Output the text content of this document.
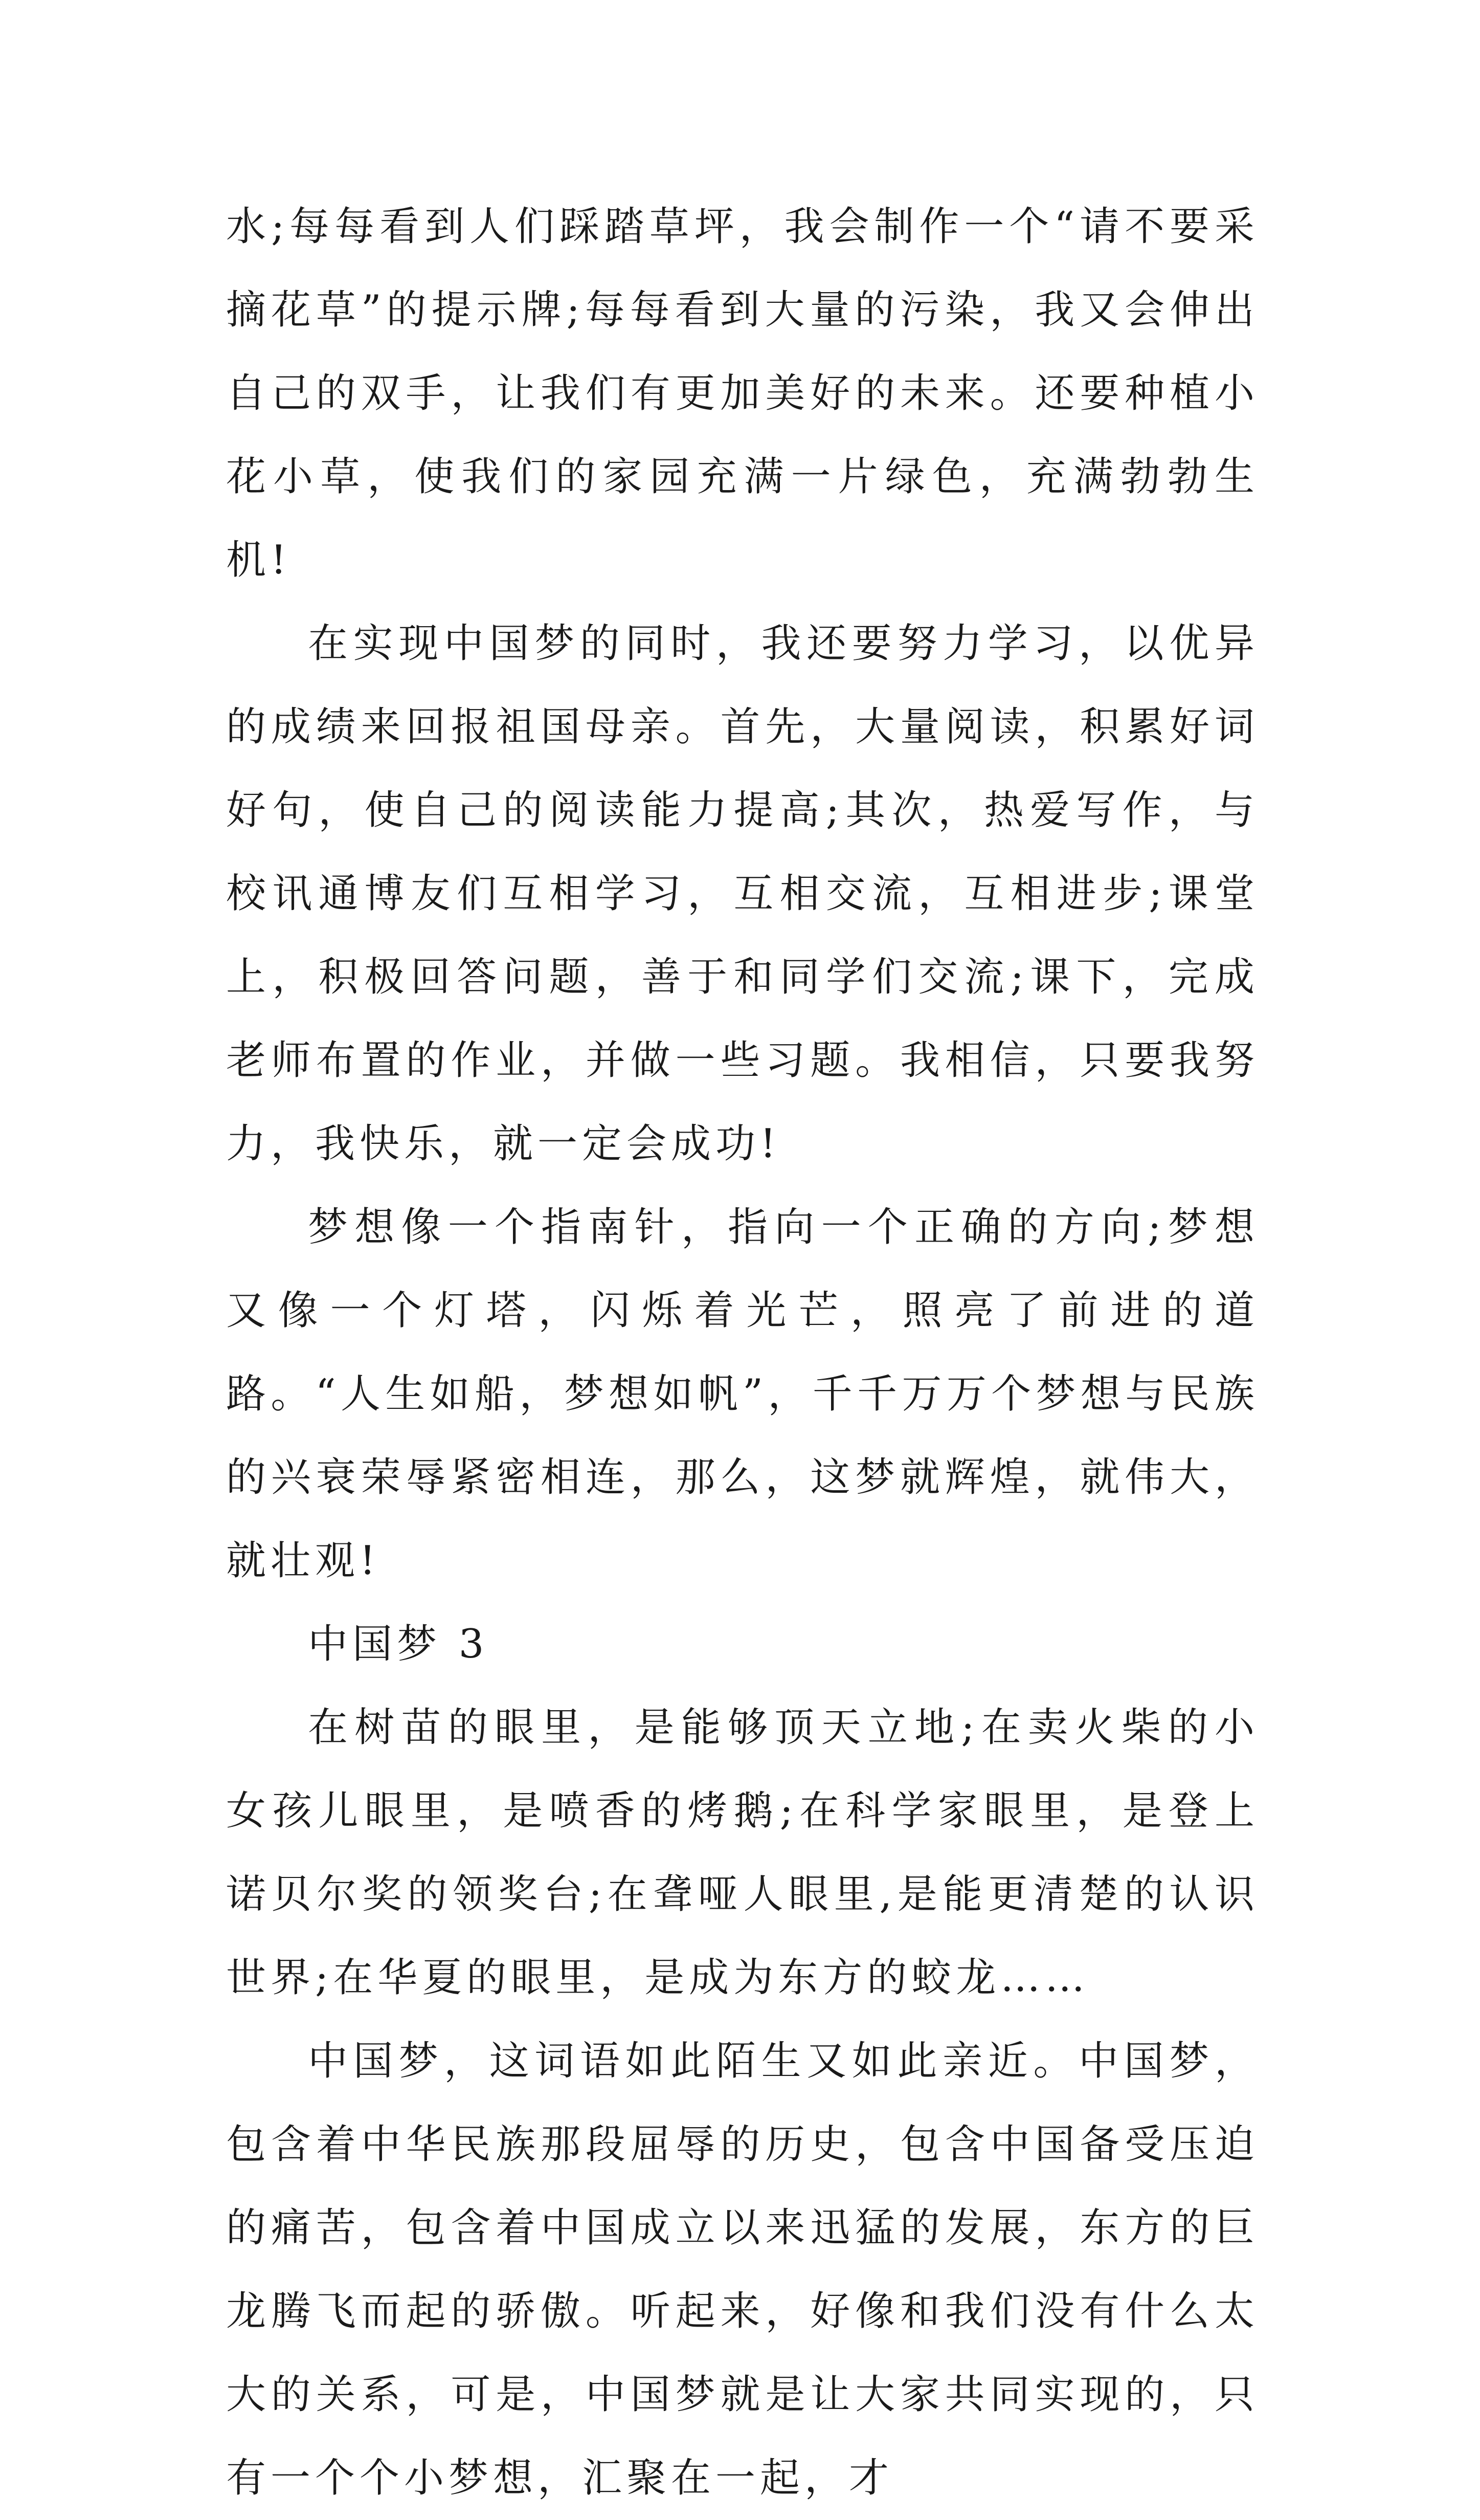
水;每每看到人们踩踏草坪，我会制作一个“请不要采摘花草”的提示牌;每每看到大量的污染，我又会伸出自己的双手，让我们有更加美好的未来。还要种植小花小草，使我们的家园充满一片绿色，充满勃勃生机!

在实现中国梦的同时，我还要努力学习，以优异的成绩来回报祖国母亲。首先，大量阅读，积累好词好句，使自己的阅读能力提高;其次，热爱写作，与校讯通博友们互相学习，互相交流，互相进步;课堂上，积极回答问题，善于和同学们交流;课下，完成老师布置的作业，并做一些习题。我相信，只要我努力，我快乐，就一定会成功!

梦想像一个指南针，指向一个正确的方向;梦想又像一个灯塔，闪烁着光芒，照亮了前进的道路。“人生如船，梦想如帆”，千千万万个梦想与民族的兴衰荣辱紧密相连，那么，这梦就辉煌，就伟大，就壮观!

中国梦 3

在树苗的眼里，是能够顶天立地;在卖火柴的小女孩儿眼里，是喷香的烤鹅;在科学家眼里，是登上诺贝尔奖的领奖台;在聋哑人眼里,是能更清楚的认识世界;在华夏的眼里，是成为东方的蛟龙……

中国梦，这词语如此陌生又如此亲近。中国梦，包含着中华民族那段屈辱的历史，包含中国备受压迫的痛苦，包含着中国成立以来迅猛的发展，东方的巨龙腾飞而起的骄傲。听起来，好像和我们没有什么太大的关系，可是，中国梦就是让大家共同实现的，只有一个个小梦想，汇聚在一起，才
